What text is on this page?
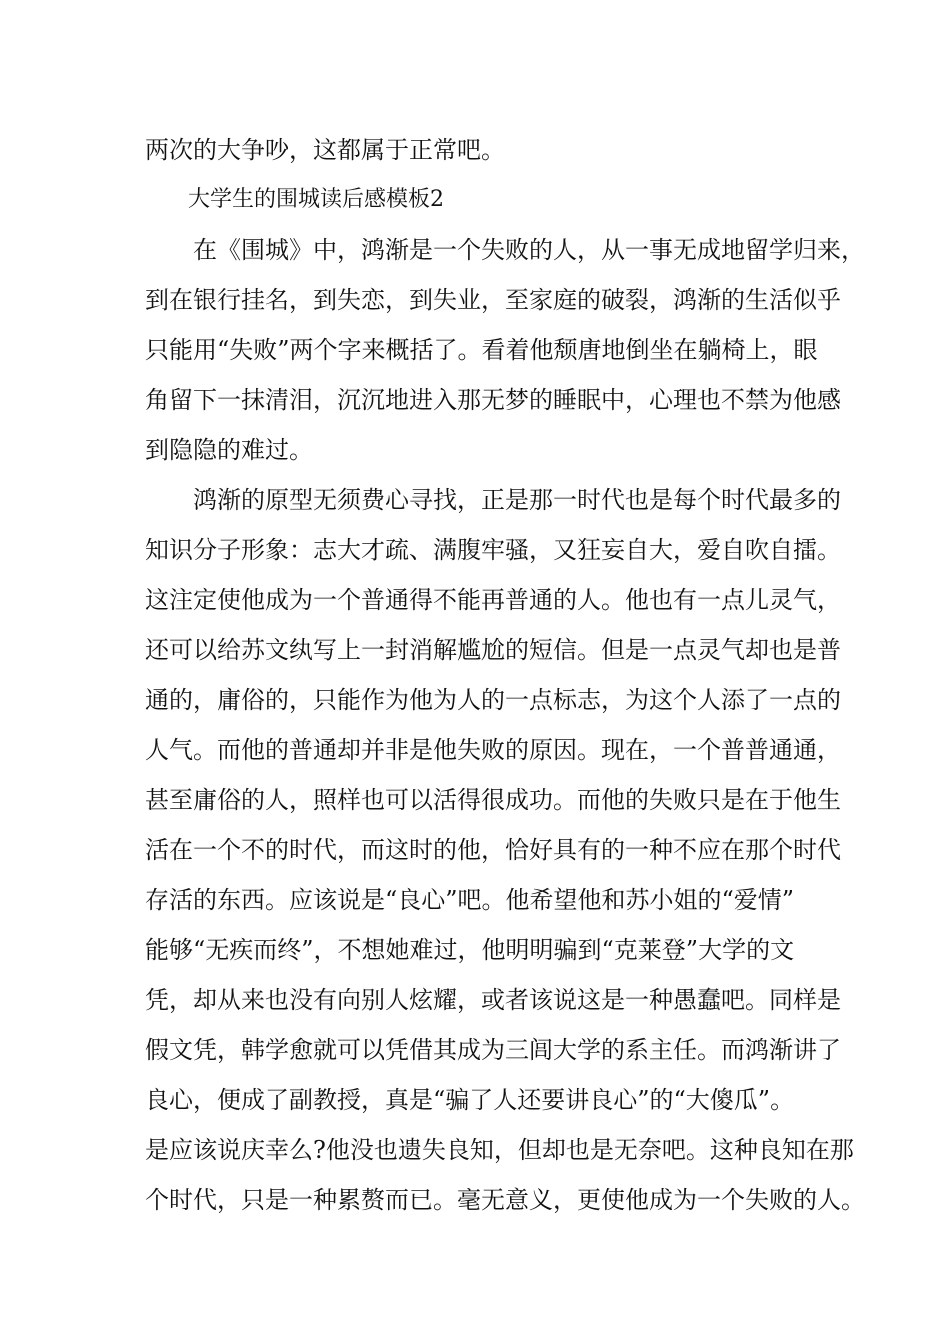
两次的大争吵，这都属于正常吧。

大学生的围城读后感模板2

在《围城》中，鸿渐是一个失败的人，从一事无成地留学归来，

到在银行挂名，到失恋，到失业，至家庭的破裂，鸿渐的生活似乎

只能用“失败”两个字来概括了。看着他颓唐地倒坐在躺椅上，眼

角留下一抹清泪，沉沉地进入那无梦的睡眠中，心理也不禁为他感

到隐隐的难过。

鸿渐的原型无须费心寻找，正是那一时代也是每个时代最多的

知识分子形象：志大才疏、满腹牢骚，又狂妄自大，爱自吹自擂。

这注定使他成为一个普通得不能再普通的人。他也有一点儿灵气，

还可以给苏文纨写上一封消解尴尬的短信。但是一点灵气却也是普

通的，庸俗的，只能作为他为人的一点标志，为这个人添了一点的

人气。而他的普通却并非是他失败的原因。现在，一个普普通通，

甚至庸俗的人，照样也可以活得很成功。而他的失败只是在于他生

活在一个不的时代，而这时的他，恰好具有的一种不应在那个时代

存活的东西。应该说是“良心”吧。他希望他和苏小姐的“爱情”

能够“无疾而终”，不想她难过，他明明骗到“克莱登”大学的文

凭，却从来也没有向别人炫耀，或者该说这是一种愚蠢吧。同样是

假文凭，韩学愈就可以凭借其成为三闾大学的系主任。而鸿渐讲了

良心，便成了副教授，真是“骗了人还要讲良心”的“大傻瓜”。

是应该说庆幸么?他没也遗失良知，但却也是无奈吧。这种良知在那

个时代，只是一种累赘而已。毫无意义，更使他成为一个失败的人。
